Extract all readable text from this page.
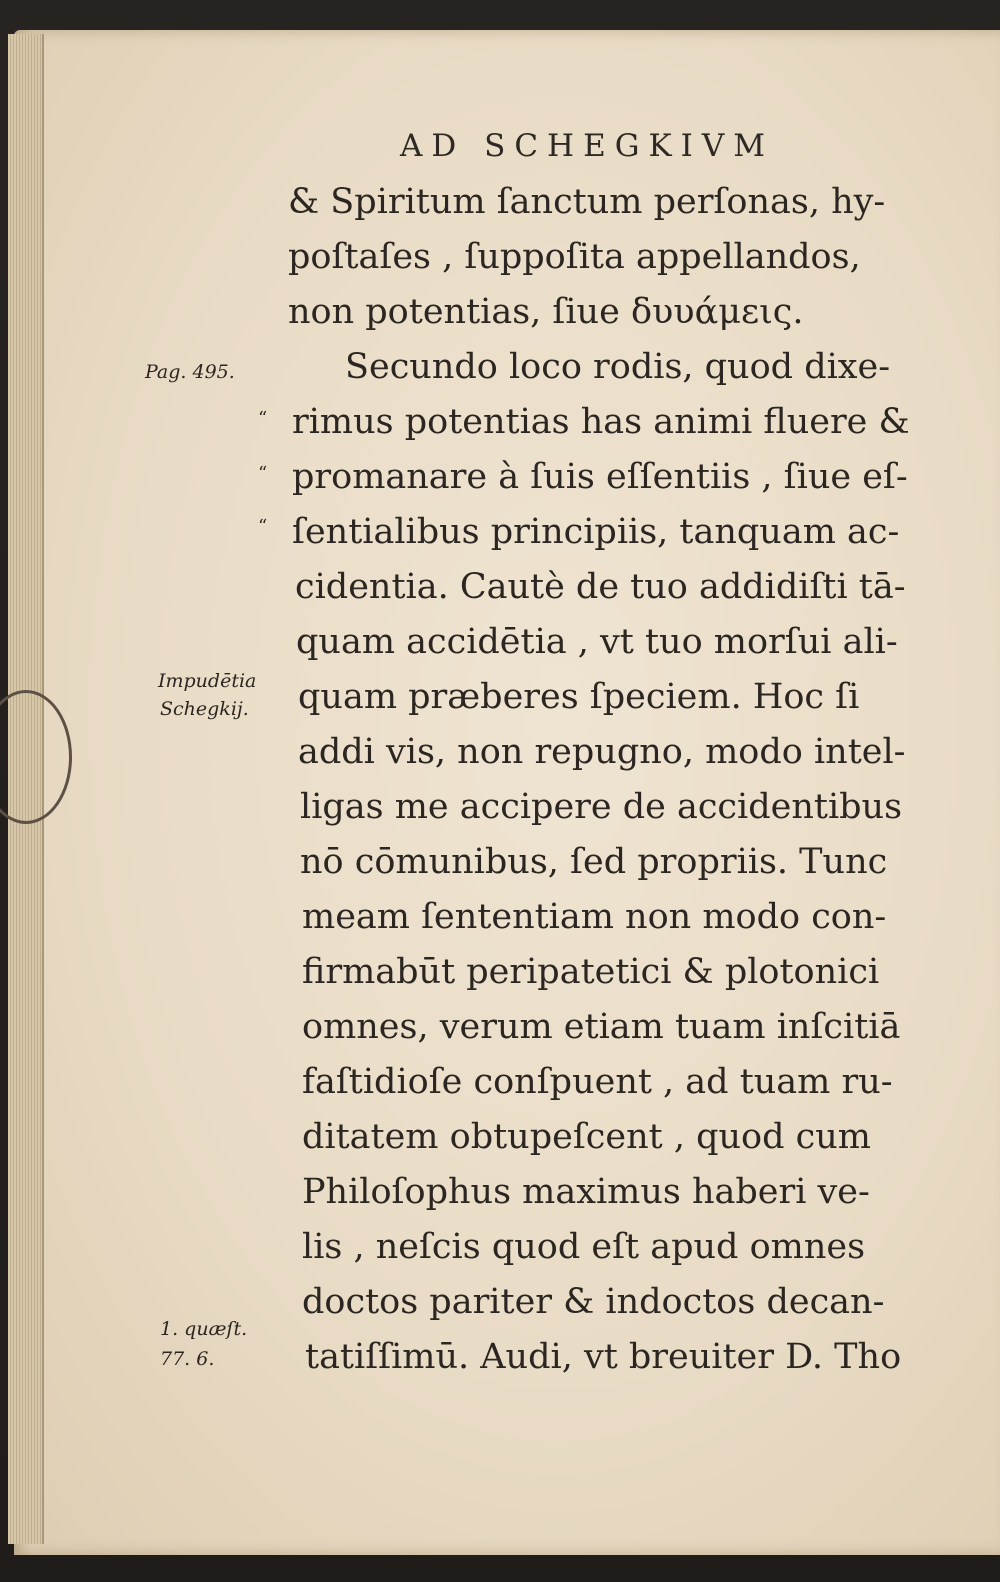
AD SCHEGKIVM
& Spiritum ſanctum perſonas, hy-
poſtaſes , ſuppoſita appellandos,
non potentias, ſiue δυυάμεις.
Secundo loco rodis, quod dixe-
rimus potentias has animi fluere &
promanare à ſuis eſſentiis , ſiue eſ-
ſentialibus principiis, tanquam ac-
cidentia. Cautè de tuo addidiſti tā-
quam accidētia , vt tuo morſui ali-
quam præberes ſpeciem. Hoc ſi
addi vis, non repugno, modo intel-
ligas me accipere de accidentibus
nō cōmunibus, ſed propriis. Tunc
meam ſententiam non modo con-
firmabūt peripatetici & plotonici
omnes, verum etiam tuam inſcitiā
faſtidioſe conſpuent , ad tuam ru-
ditatem obtupeſcent , quod cum
Philoſophus maximus haberi ve-
lis , neſcis quod eſt apud omnes
doctos pariter & indoctos decan-
tatiſſimū. Audi, vt breuiter D. Tho
Pag. 495.
Impudētia
Schegkij.
1. quæſt.
77. 6.
“
“
“
